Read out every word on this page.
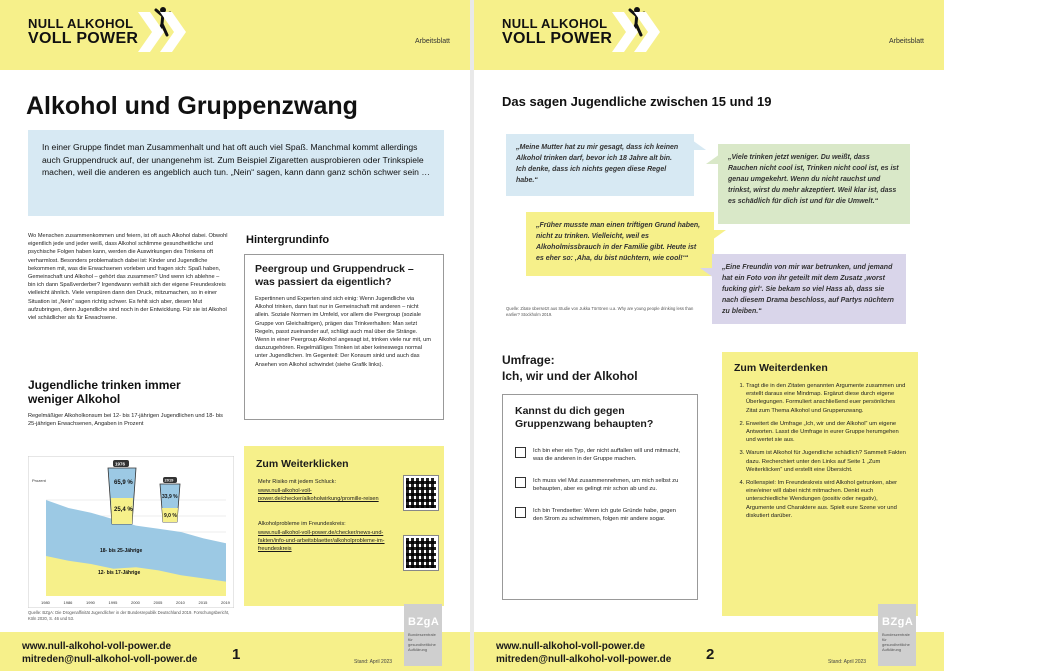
NULL ALKOHOL
VOLL POWER	Arbeitsblatt
Alkohol und Gruppenzwang
In einer Gruppe findet man Zusammenhalt und hat oft auch viel Spaß. Manchmal kommt allerdings auch Gruppendruck auf, der unangenehm ist. Zum Beispiel Zigaretten ausprobieren oder Trinkspiele machen, weil die anderen es angeblich auch tun. „Nein“ sagen, kann dann ganz schön schwer sein …
Wo Menschen zusammenkommen und feiern, ist oft auch Alkohol dabei. Obwohl eigentlich jede und jeder weiß, dass Alkohol schlimme gesundheitliche und psychische Folgen haben kann, werden die Auswirkungen des Trinkens oft verharmlost. Besonders problematisch dabei ist: Kinder und Jugendliche bekommen mit, was die Erwachsenen vorleben und fragen sich: Spaß haben, Gemeinschaft und Alkohol – gehört das zusammen? Und wenn ich ablehne – bin ich dann Spaßverderber? Irgendwann verhält sich der eigene Freundeskreis vielleicht ähnlich. Viele verspüren dann den Druck, mitzumachen, so in einer Situation ist „Nein“ sagen richtig schwer. Es fehlt sich aber, diesen Mut aufzubringen, denn Jugendliche sind noch in der Entwicklung. Für sie ist Alkohol viel schädlicher als für Erwachsene.
Hintergrundinfo
Peergroup und Gruppendruck – was passiert da eigentlich?

Expertinnen und Experten sind sich einig: Wenn Jugendliche via Alkohol trinken, dann fast nur in Gemeinschaft mit anderen – nicht allein. Soziale Normen im Umfeld, vor allem die Peergroup (soziale Gruppe von Gleichaltrigen), prägen das Trinkverhalten: Man setzt Regeln, passt zueinander auf, schlägt auch mal über die Stränge. Wenn in einer Peergroup Alkohol angesagt ist, trinken viele nur mit, um dazuzugehören. Regelmäßiges Trinken ist aber keineswegs normal unter Jugendlichen. Im Gegenteil: Der Konsum sinkt und auch das Ansehen von Alkohol schwindet (siehe Grafik links).

Jugendliche trinken immer weniger Alkohol
Regelmäßiger Alkoholkonsum bei 12- bis 17-jährigen Jugendlichen und 18- bis 25-jährigen Erwachsenen, Angaben in Prozent
Prozent
18- bis 25-Jährige
12- bis 17-Jährige
1976
65,9 %
25,4 %
2019
33,9 %
9,0 %
1980	1986	1990	1995	2000	2005	2010	2015	2019
Quelle: BZgA: Die Drogenaffinität Jugendlicher in der Bundesrepublik Deutschland 2019. Forschungsbericht, Köln 2020, S. 46 und 53.
Zum Weiterklicken
Mehr Risiko mit jedem Schluck:
www.null-alkohol-voll-power.de/checker/alkoholwirkung/promille-reisen
Alkoholprobleme im Freundeskreis:
www.null-alkohol-voll-power.de/checker/news-und-fakten/info-und-arbeitsblaetter/alkoholprobleme-im-freundeskreis
www.null-alkohol-voll-power.de
mitreden@null-alkohol-voll-power.de 1	Stand: April 2023
BZgA
Bundeszentrale für gesundheitliche Aufklärung
NULL ALKOHOL
VOLL POWER	Arbeitsblatt
Das sagen Jugendliche zwischen 15 und 19
„Meine Mutter hat zu mir gesagt, dass ich keinen Alkohol trinken darf, bevor ich 18 Jahre alt bin. Ich denke, dass ich nichts gegen diese Regel habe.“
„Viele trinken jetzt weniger. Du weißt, dass Rauchen nicht cool ist, Trinken nicht cool ist, es ist genau umgekehrt. Wenn du nicht rauchst und trinkst, wirst du mehr akzeptiert. Weil klar ist, dass es schädlich für dich ist und für die Umwelt.“
„Früher musste man einen triftigen Grund haben, nicht zu trinken. Vielleicht, weil es Alkoholmissbrauch in der Familie gibt. Heute ist es eher so: ‚Aha, du bist nüchtern, wie cool!‘“
„Eine Freundin von mir war betrunken, und jemand hat ein Foto von ihr geteilt mit dem Zusatz ‚worst fucking girl‘. Sie bekam so viel Hass ab, dass sie nach diesem Drama beschloss, auf Partys nüchtern zu bleiben.“
Quelle: Zitate übersetzt aus Studie von Jukka Törrönen u.a. Why are young people drinking less than earlier? Stockholm 2019.
Umfrage:
Ich, wir und der Alkohol
Kannst du dich gegen Gruppenzwang behaupten?
Ich bin eher ein Typ, der nicht auffallen will und mitmacht, was die anderen in der Gruppe machen.
Ich muss viel Mut zusammennehmen, um mich selbst zu behaupten, aber es gelingt mir schon ab und zu.
Ich bin Trendsetter: Wenn ich gute Gründe habe, gegen den Strom zu schwimmen, folgen mir andere sogar.
Zum Weiterdenken
1. Tragt die in den Zitaten genannten Argumente zusammen und erstellt daraus eine Mindmap. Ergänzt diese durch eigene Überlegungen. Formuliert anschließend euer persönliches Zitat zum Thema Alkohol und Gruppenzwang.
2. Erweitert die Umfrage „Ich, wir und der Alkohol“ um eigene Antworten. Lasst die Umfrage in eurer Gruppe herumgehen und wertet sie aus.
3. Warum ist Alkohol für Jugendliche schädlich? Sammelt Fakten dazu. Recherchiert unter den Links auf Seite 1 „Zum Weiterklicken“ und erstellt eine Übersicht.
4. Rollenspiel: Im Freundeskreis wird Alkohol getrunken, aber eine/einer will dabei nicht mitmachen. Denkt euch unterschiedliche Wendungen (positiv oder negativ), Argumente und Charaktere aus. Spielt eure Szene vor und diskutiert darüber.
www.null-alkohol-voll-power.de
mitreden@null-alkohol-voll-power.de 2	Stand: April 2023
BZgA
Bundeszentrale für gesundheitliche Aufklärung
